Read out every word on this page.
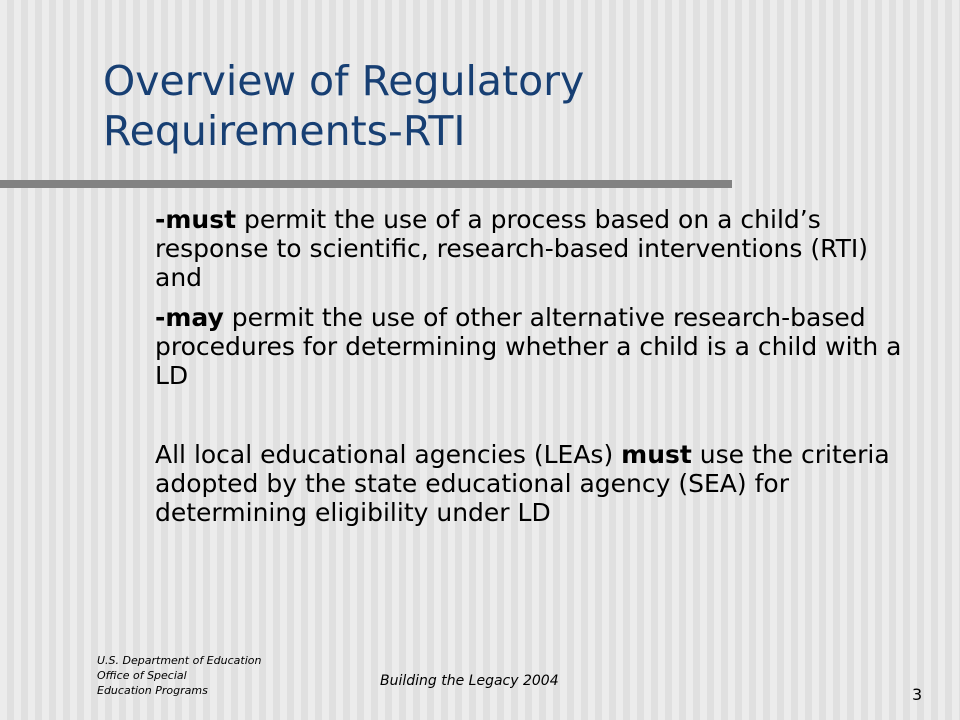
Overview of Regulatory
Requirements-RTI

-must permit the use of a process based on a child’s response to scientific, research-based interventions (RTI) and

-may permit the use of other alternative research-based procedures for determining whether a child is a child with a LD

All local educational agencies (LEAs) must use the criteria adopted by the state educational agency (SEA) for determining eligibility under LD

U.S. Department of Education
Office of Special
Education Programs
Building the Legacy 2004
3
